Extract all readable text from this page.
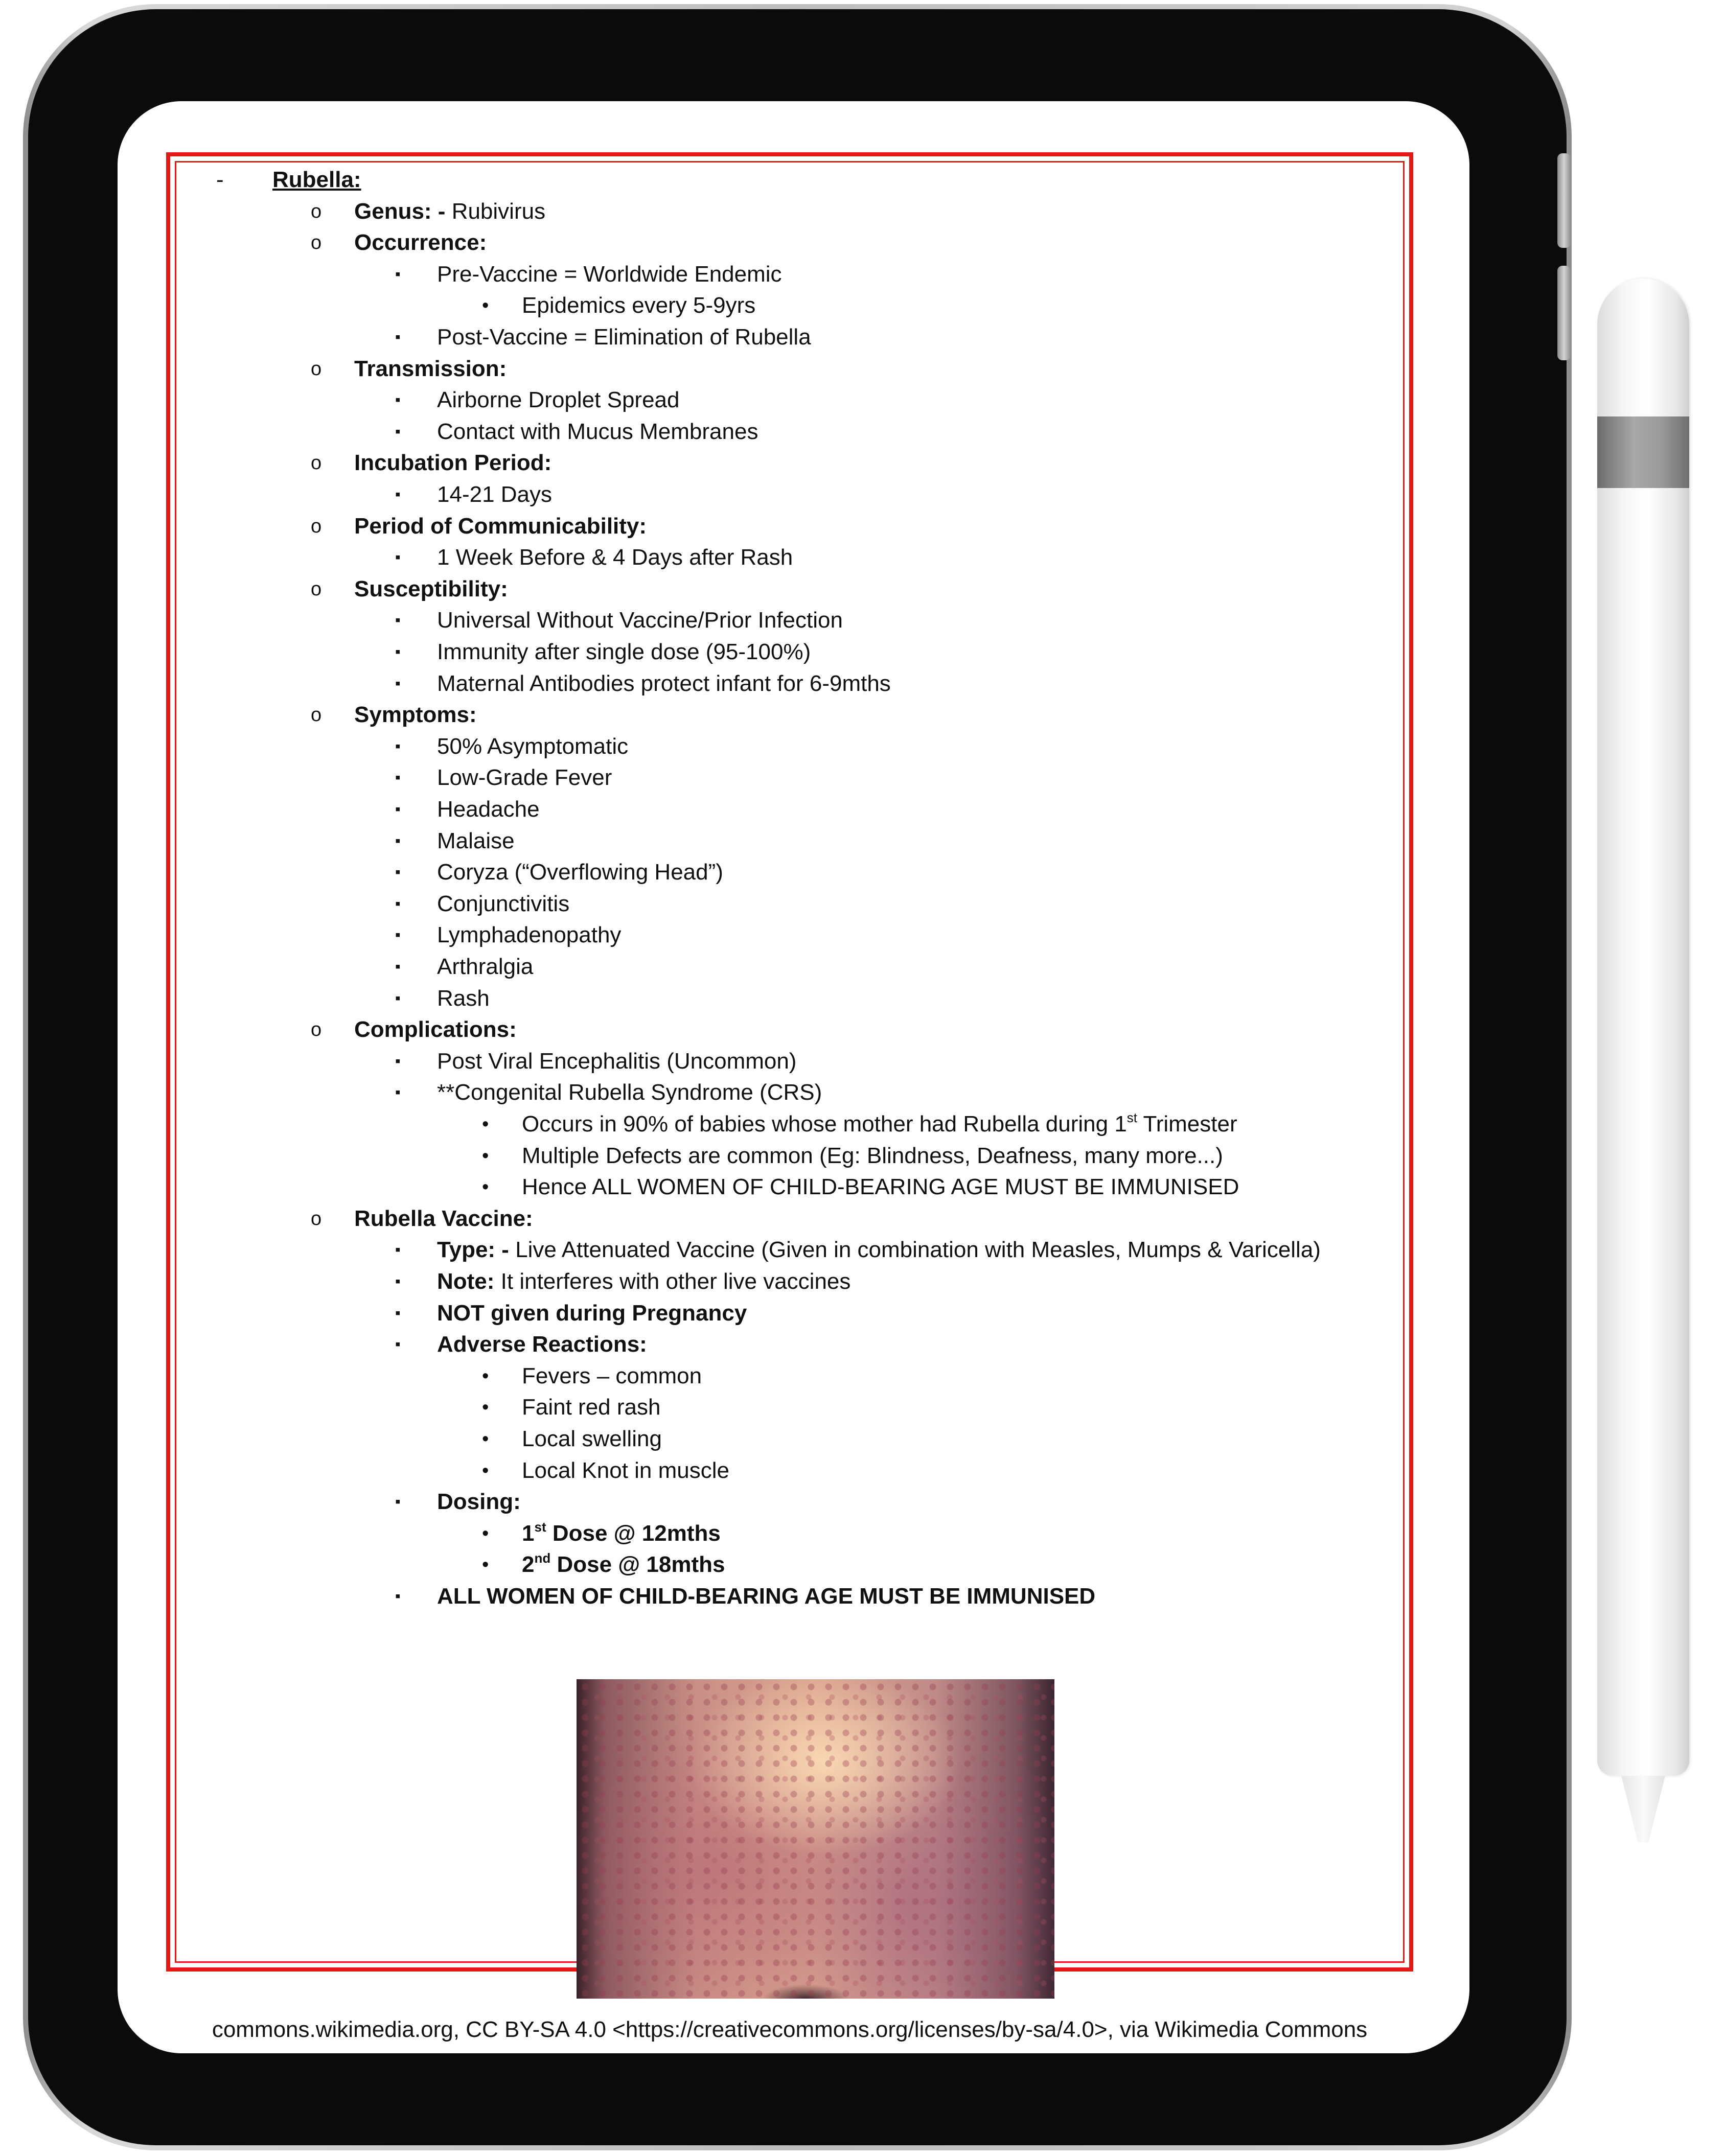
- Rubella:
o Genus: - Rubivirus
o Occurrence:
▪ Pre-Vaccine = Worldwide Endemic
• Epidemics every 5-9yrs
▪ Post-Vaccine = Elimination of Rubella
o Transmission:
▪ Airborne Droplet Spread
▪ Contact with Mucus Membranes
o Incubation Period:
▪ 14-21 Days
o Period of Communicability:
▪ 1 Week Before & 4 Days after Rash
o Susceptibility:
▪ Universal Without Vaccine/Prior Infection
▪ Immunity after single dose (95-100%)
▪ Maternal Antibodies protect infant for 6-9mths
o Symptoms:
▪ 50% Asymptomatic
▪ Low-Grade Fever
▪ Headache
▪ Malaise
▪ Coryza (“Overflowing Head”)
▪ Conjunctivitis
▪ Lymphadenopathy
▪ Arthralgia
▪ Rash
o Complications:
▪ Post Viral Encephalitis (Uncommon)
▪ **Congenital Rubella Syndrome (CRS)
• Occurs in 90% of babies whose mother had Rubella during 1st Trimester
• Multiple Defects are common (Eg: Blindness, Deafness, many more...)
• Hence ALL WOMEN OF CHILD-BEARING AGE MUST BE IMMUNISED
o Rubella Vaccine:
▪ Type: - Live Attenuated Vaccine (Given in combination with Measles, Mumps & Varicella)
▪ Note: It interferes with other live vaccines
▪ NOT given during Pregnancy
▪ Adverse Reactions:
• Fevers – common
• Faint red rash
• Local swelling
• Local Knot in muscle
▪ Dosing:
• 1st Dose @ 12mths
• 2nd Dose @ 18mths
▪ ALL WOMEN OF CHILD-BEARING AGE MUST BE IMMUNISED
commons.wikimedia.org, CC BY-SA 4.0 <https://creativecommons.org/licenses/by-sa/4.0>, via Wikimedia Commons
